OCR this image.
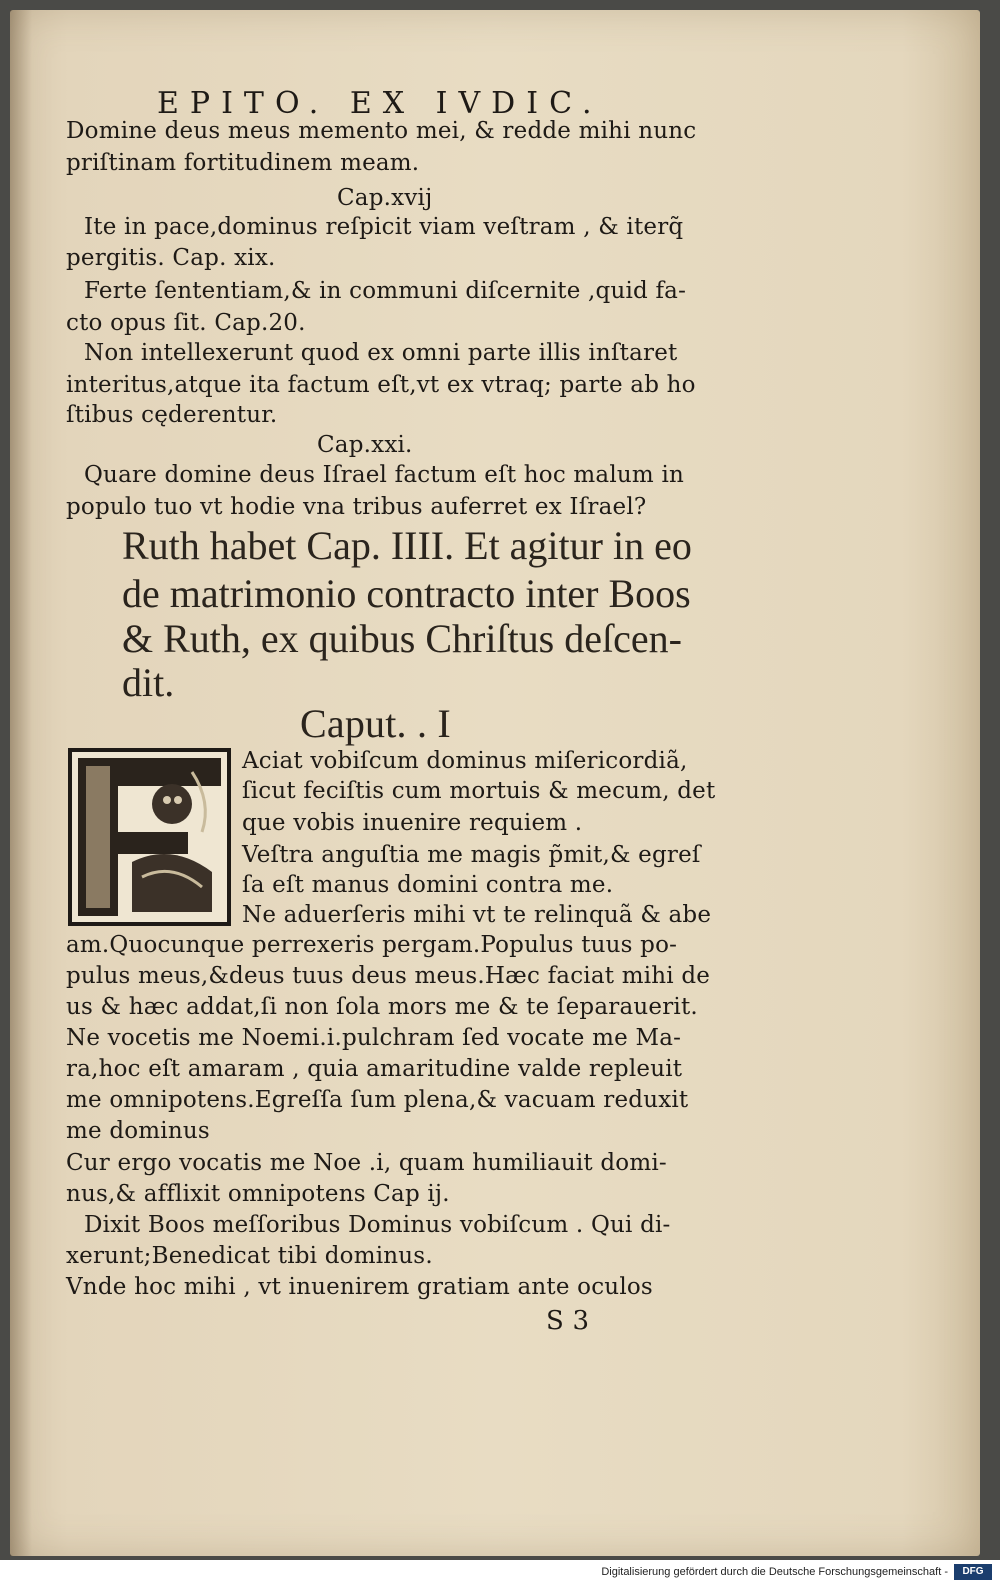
EPITO. EX IVDIC.
Domine deus meus memento mei, & redde mihi nunc
priſtinam fortitudinem meam.
Cap.xvij
Ite in pace,dominus reſpicit viam veſtram , & iterq̃
pergitis. Cap. xix.
Ferte ſententiam,& in communi diſcernite ,quid fa-
cto opus ſit. Cap.20.
Non intellexerunt quod ex omni parte illis inſtaret
interitus,atque ita factum eſt,vt ex vtraq; parte ab ho
ſtibus cęderentur.
Cap.xxi.
Quare domine deus Iſrael factum eſt hoc malum in
populo tuo vt hodie vna tribus auferret ex Iſrael?
Ruth habet Cap. IIII. Et agitur in eo
de matrimonio contracto inter Boos
& Ruth, ex quibus Chriſtus deſcen-
dit.
Caput. . I
Aciat vobiſcum dominus miſericordiã,
ſicut feciſtis cum mortuis & mecum, det
que vobis inuenire requiem .
Veſtra anguſtia me magis p̃mit,& egreſ
ſa eſt manus domini contra me.
Ne aduerſeris mihi vt te relinquã & abe
am.Quocunque perrexeris pergam.Populus tuus po-
pulus meus,&deus tuus deus meus.Hæc faciat mihi de
us & hæc addat,ſi non ſola mors me & te ſeparauerit.
Ne vocetis me Noemi.i.pulchram ſed vocate me Ma-
ra,hoc eſt amaram , quia amaritudine valde repleuit
me omnipotens.Egreſſa ſum plena,& vacuam reduxit
me dominus
Cur ergo vocatis me Noe .i, quam humiliauit domi-
nus,& afflixit omnipotens Cap ij.
Dixit Boos meſſoribus Dominus vobiſcum . Qui di-
xerunt;Benedicat tibi dominus.
Vnde hoc mihi , vt inuenirem gratiam ante oculos
S 3
Digitalisierung gefördert durch die Deutsche Forschungsgemeinschaft -	DFG
